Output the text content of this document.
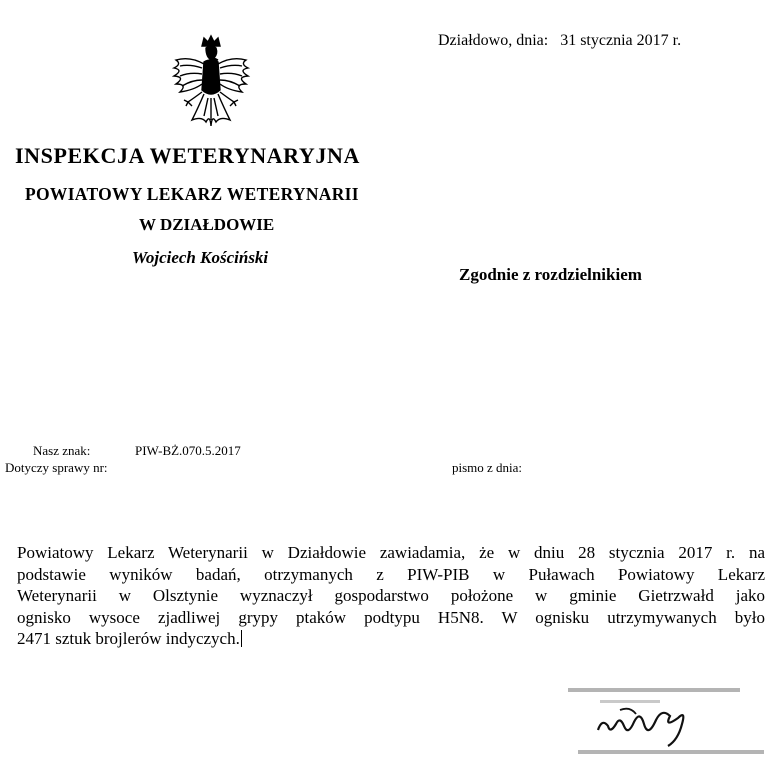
Działdowo, dnia: 31 stycznia 2017 r.
INSPEKCJA WETERYNARYJNA
POWIATOWY LEKARZ WETERYNARII
W DZIAŁDOWIE
Wojciech Kościński
Zgodnie z rozdzielnikiem
Nasz znak:	PIW-BŻ.070.5.2017
Dotyczy sprawy nr:	pismo z dnia:
Powiatowy Lekarz Weterynarii w Działdowie zawiadamia, że w dniu 28 stycznia 2017 r. na
podstawie wyników badań, otrzymanych z PIW-PIB w Puławach Powiatowy Lekarz
Weterynarii w Olsztynie wyznaczył gospodarstwo położone w gminie Gietrzwałd jako
ognisko wysoce zjadliwej grypy ptaków podtypu H5N8. W ognisku utrzymywanych było
2471 sztuk brojlerów indyczych.
